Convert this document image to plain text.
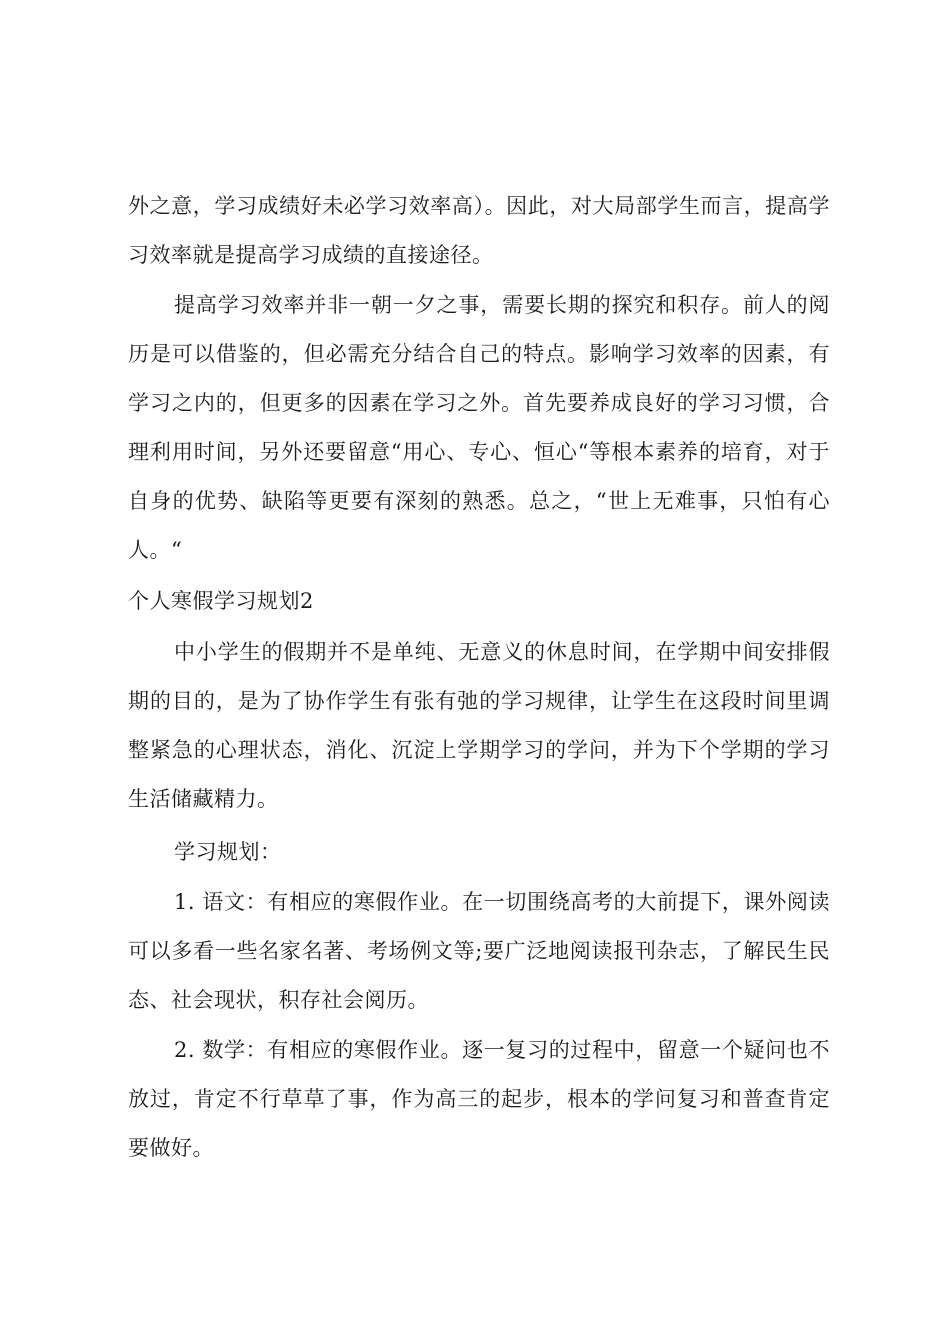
外之意，学习成绩好未必学习效率高）。因此，对大局部学生而言，提高学习效率就是提高学习成绩的直接途径。

提高学习效率并非一朝一夕之事，需要长期的探究和积存。前人的阅历是可以借鉴的，但必需充分结合自己的特点。影响学习效率的因素，有学习之内的，但更多的因素在学习之外。首先要养成良好的学习习惯，合理利用时间，另外还要留意“用心、专心、恒心“等根本素养的培育，对于自身的优势、缺陷等更要有深刻的熟悉。总之，“世上无难事，只怕有心人。“

个人寒假学习规划2

中小学生的假期并不是单纯、无意义的休息时间，在学期中间安排假期的目的，是为了协作学生有张有弛的学习规律，让学生在这段时间里调整紧急的心理状态，消化、沉淀上学期学习的学问，并为下个学期的学习生活储藏精力。

学习规划：

1. 语文：有相应的寒假作业。在一切围绕高考的大前提下，课外阅读可以多看一些名家名著、考场例文等;要广泛地阅读报刊杂志，了解民生民态、社会现状，积存社会阅历。

2. 数学：有相应的寒假作业。逐一复习的过程中，留意一个疑问也不放过，肯定不行草草了事，作为高三的起步，根本的学问复习和普查肯定要做好。
